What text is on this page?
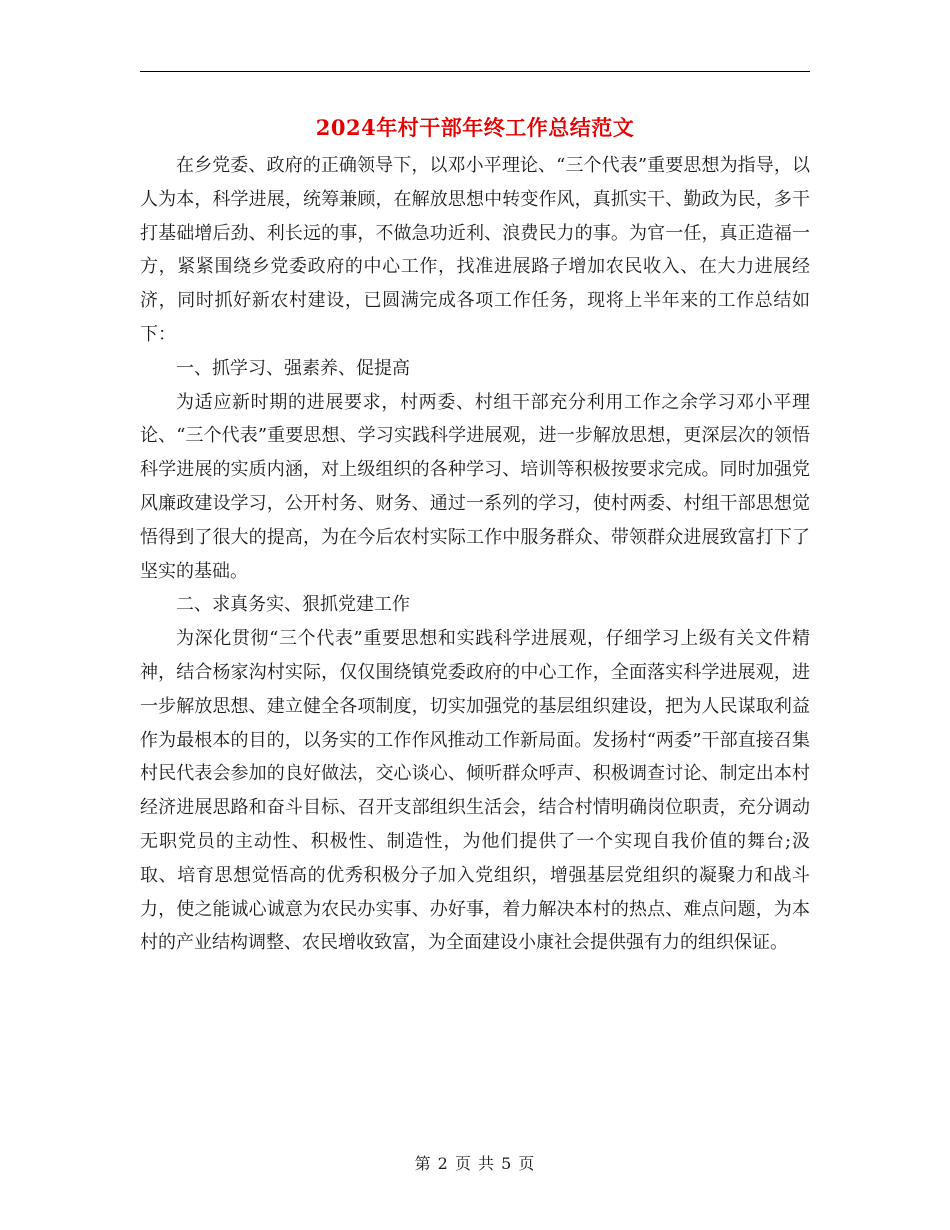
2024年村干部年终工作总结范文

在乡党委、政府的正确领导下，以邓小平理论、“三个代表”重要思想为指导，以人为本，科学进展，统筹兼顾，在解放思想中转变作风，真抓实干、勤政为民，多干打基础增后劲、利长远的事，不做急功近利、浪费民力的事。为官一任，真正造福一方，紧紧围绕乡党委政府的中心工作，找准进展路子增加农民收入、在大力进展经济，同时抓好新农村建设，已圆满完成各项工作任务，现将上半年来的工作总结如下：

一、抓学习、强素养、促提高

为适应新时期的进展要求，村两委、村组干部充分利用工作之余学习邓小平理论、“三个代表”重要思想、学习实践科学进展观，进一步解放思想，更深层次的领悟科学进展的实质内涵，对上级组织的各种学习、培训等积极按要求完成。同时加强党风廉政建设学习，公开村务、财务、通过一系列的学习，使村两委、村组干部思想觉悟得到了很大的提高，为在今后农村实际工作中服务群众、带领群众进展致富打下了坚实的基础。

二、求真务实、狠抓党建工作

为深化贯彻“三个代表”重要思想和实践科学进展观，仔细学习上级有关文件精神，结合杨家沟村实际，仅仅围绕镇党委政府的中心工作，全面落实科学进展观，进一步解放思想、建立健全各项制度，切实加强党的基层组织建设，把为人民谋取利益作为最根本的目的，以务实的工作作风推动工作新局面。发扬村“两委”干部直接召集村民代表会参加的良好做法，交心谈心、倾听群众呼声、积极调查讨论、制定出本村经济进展思路和奋斗目标、召开支部组织生活会，结合村情明确岗位职责，充分调动无职党员的主动性、积极性、制造性，为他们提供了一个实现自我价值的舞台;汲取、培育思想觉悟高的优秀积极分子加入党组织，增强基层党组织的凝聚力和战斗力，使之能诚心诚意为农民办实事、办好事，着力解决本村的热点、难点问题，为本村的产业结构调整、农民增收致富，为全面建设小康社会提供强有力的组织保证。

第 2 页 共 5 页
